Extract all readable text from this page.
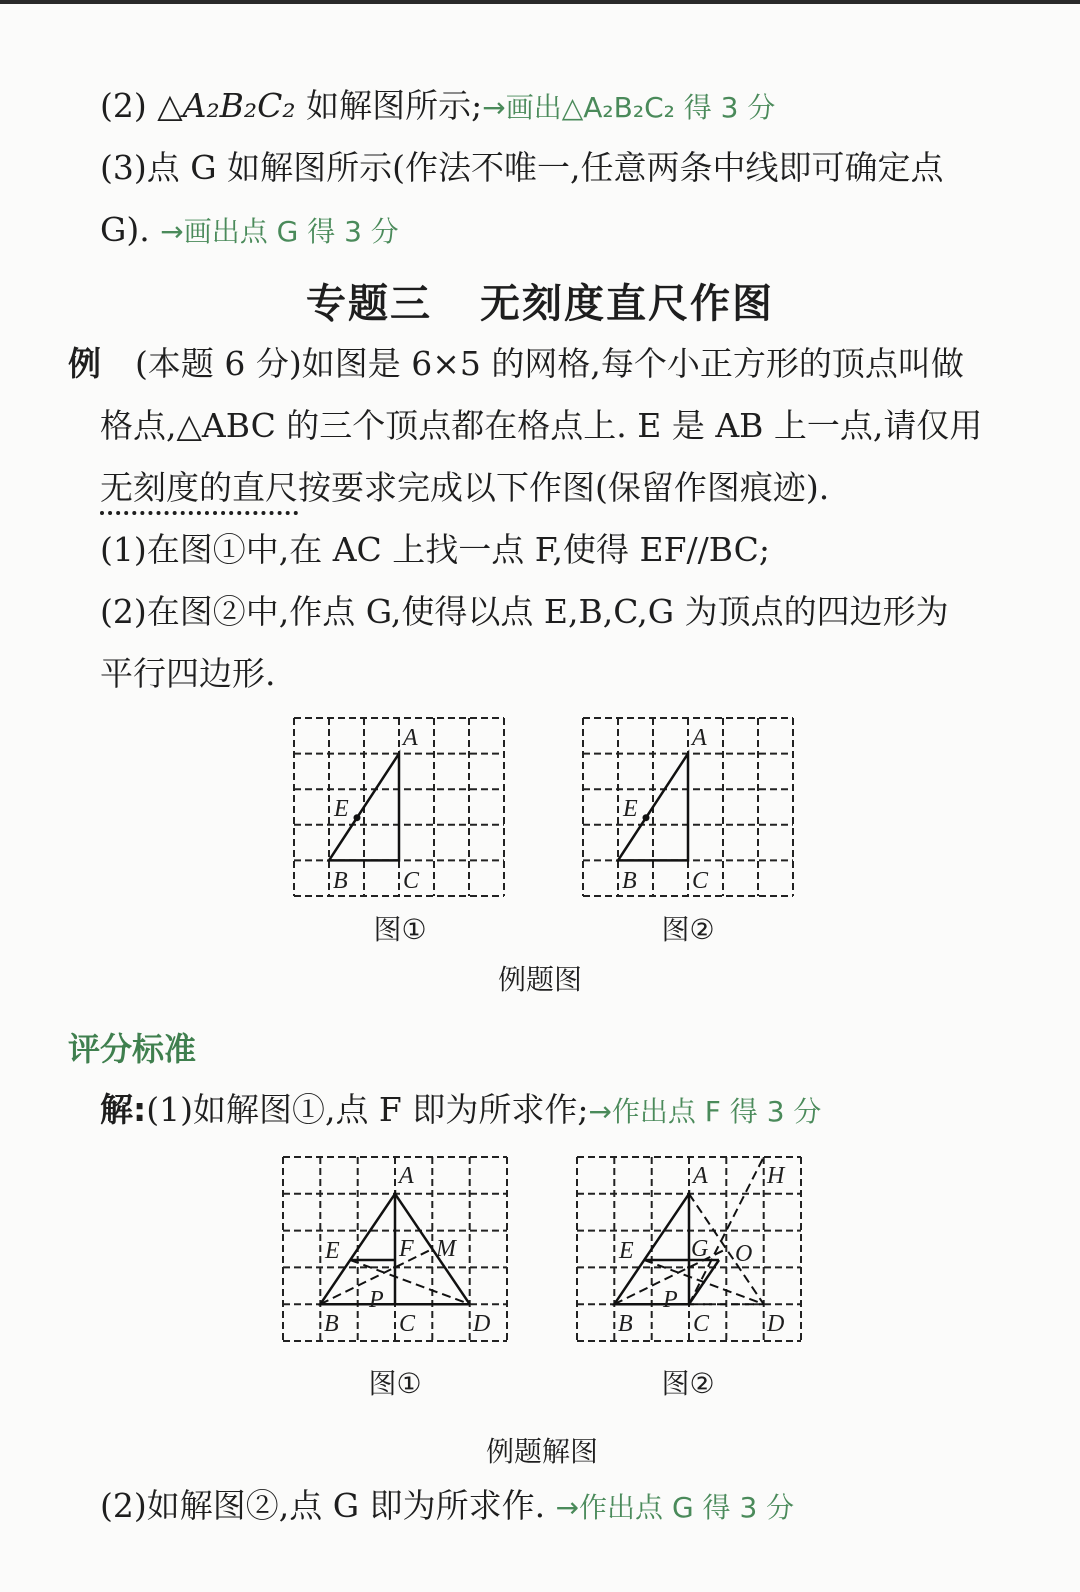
(2) △A₂B₂C₂ 如解图所示;→画出△A₂B₂C₂ 得 3 分
(3)点 G 如解图所示(作法不唯一,任意两条中线即可确定点
G). →画出点 G 得 3 分
专题三 无刻度直尺作图
例 (本题 6 分)如图是 6×5 的网格,每个小正方形的顶点叫做
格点,△ABC 的三个顶点都在格点上. E 是 AB 上一点,请仅用
无刻度的直尺按要求完成以下作图(保留作图痕迹).
(1)在图①中,在 AC 上找一点 F,使得 EF//BC;
(2)在图②中,作点 G,使得以点 E,B,C,G 为顶点的四边形为
平行四边形.
A
B C
E
图①
A
B C
E
图②
例题图
评分标准
解:(1)如解图①,点 F 即为所求作;→作出点 F 得 3 分
A
B	C D
E F M
P
图①
A H
B	C D
E G O
P
图②
例题解图
(2)如解图②,点 G 即为所求作. →作出点 G 得 3 分
